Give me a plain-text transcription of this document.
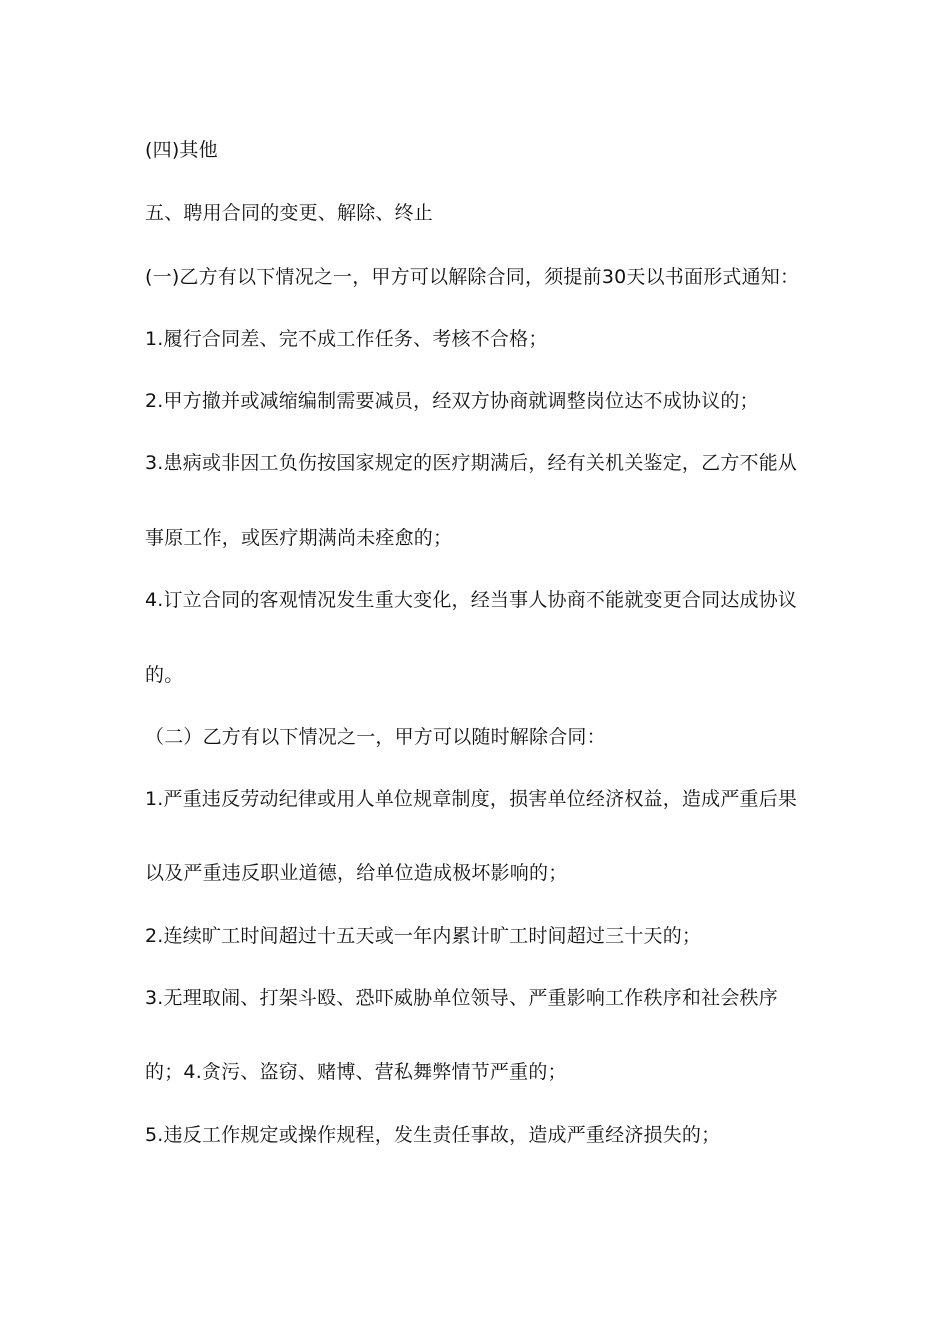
(四)其他
五、聘用合同的变更、解除、终止
(一)乙方有以下情况之一，甲方可以解除合同，须提前30天以书面形式通知：
1.履行合同差、完不成工作任务、考核不合格；
2.甲方撤并或减缩编制需要减员，经双方协商就调整岗位达不成协议的；
3.患病或非因工负伤按国家规定的医疗期满后，经有关机关鉴定，乙方不能从
事原工作，或医疗期满尚未痊愈的；
4.订立合同的客观情况发生重大变化，经当事人协商不能就变更合同达成协议
的。
（二）乙方有以下情况之一，甲方可以随时解除合同：
1.严重违反劳动纪律或用人单位规章制度，损害单位经济权益，造成严重后果
以及严重违反职业道德，给单位造成极坏影响的；
2.连续旷工时间超过十五天或一年内累计旷工时间超过三十天的；
3.无理取闹、打架斗殴、恐吓威胁单位领导、严重影响工作秩序和社会秩序
的；4.贪污、盗窃、赌博、营私舞弊情节严重的；
5.违反工作规定或操作规程，发生责任事故，造成严重经济损失的；
